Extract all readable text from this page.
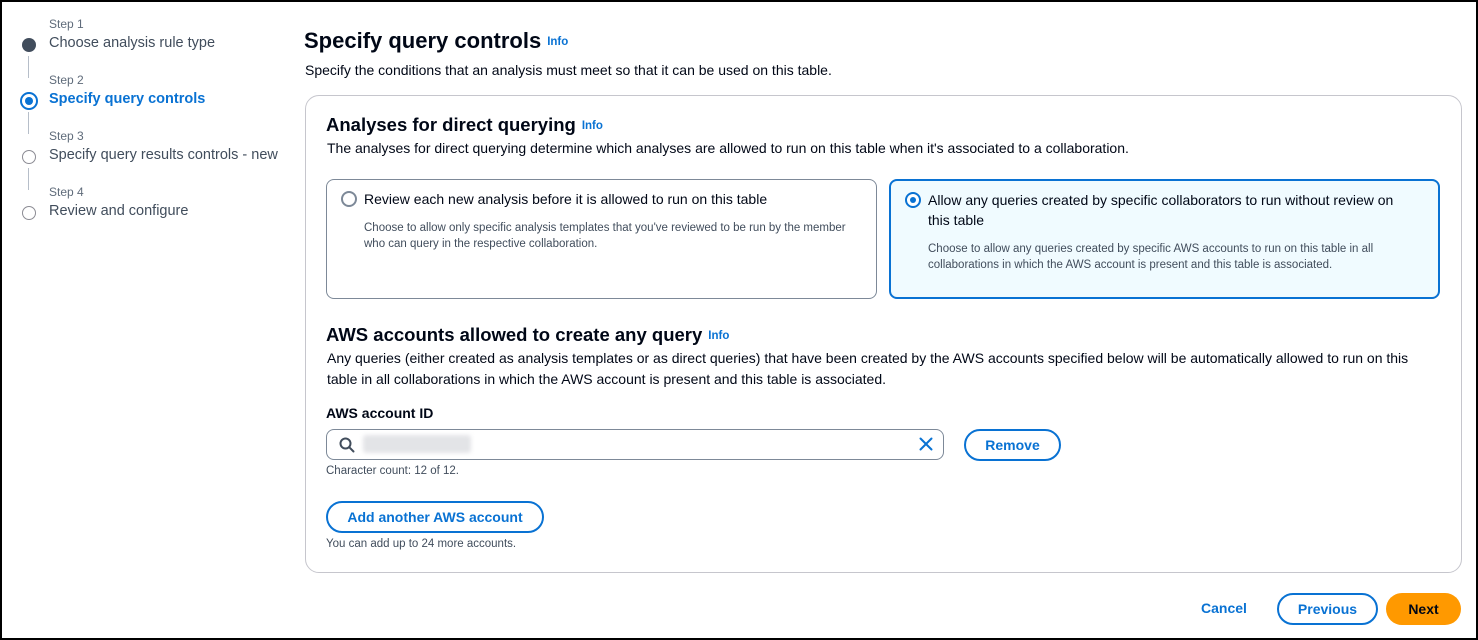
Step 1
Choose analysis rule type
Step 2
Specify query controls
Step 3
Specify query results controls - new
Step 4
Review and configure
Specify query controls Info

Specify the conditions that an analysis must meet so that it can be used on this table.

Analyses for direct querying Info

The analyses for direct querying determine which analyses are allowed to run on this table when it's associated to a collaboration.

Review each new analysis before it is allowed to run on this table
Choose to allow only specific analysis templates that you've reviewed to be run by the member who can query in the respective collaboration.
Allow any queries created by specific collaborators to run without review on this table
Choose to allow any queries created by specific AWS accounts to run on this table in all collaborations in which the AWS account is present and this table is associated.
AWS accounts allowed to create any query Info

Any queries (either created as analysis templates or as direct queries) that have been created by the AWS accounts specified below will be automatically allowed to run on this table in all collaborations in which the AWS account is present and this table is associated.

AWS account ID
Remove

Character count: 12 of 12.

Add another AWS account

You can add up to 24 more accounts.

Cancel	Previous	Next
